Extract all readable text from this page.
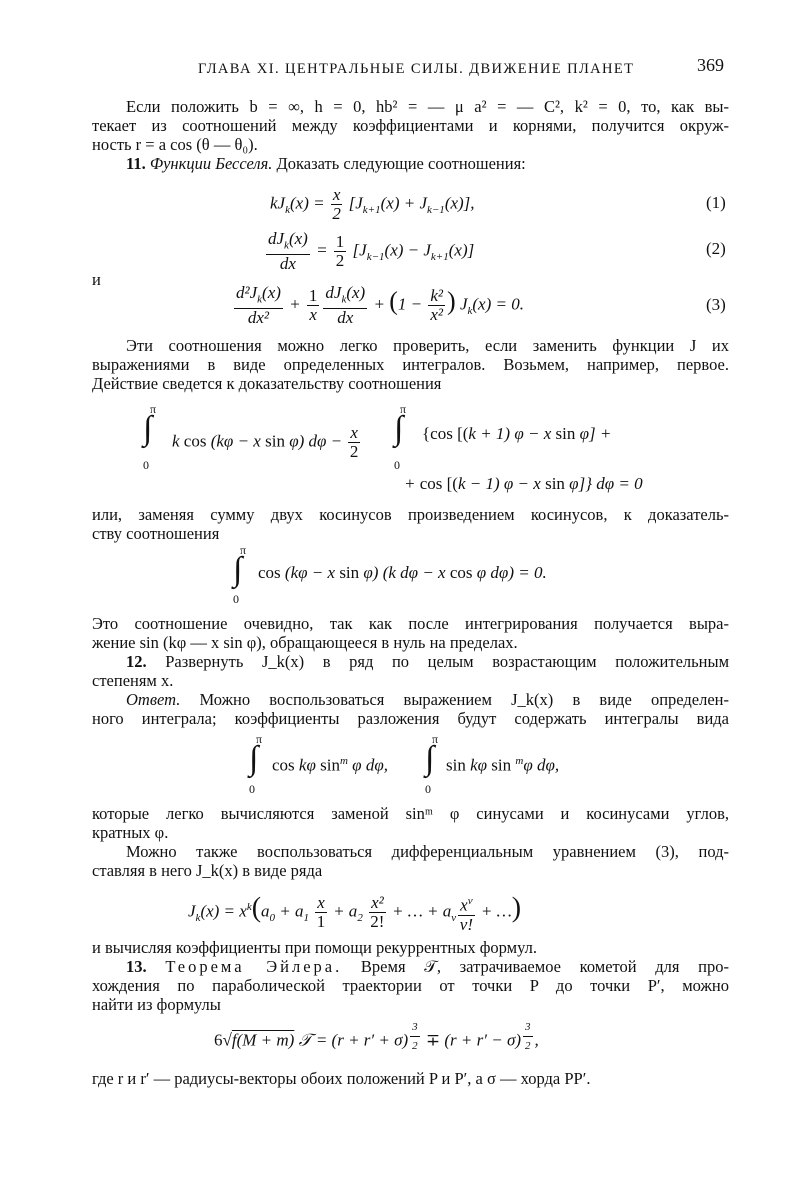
ГЛАВА XI. ЦЕНТРАЛЬНЫЕ СИЛЫ. ДВИЖЕНИЕ ПЛАНЕТ	369
Если положить b = ∞, h = 0, hb² = — μ a² = — C², k² = 0, то, как вы-
текает из соотношений между коэффициентами и корнями, получится окруж-
ность r = a cos (θ — θ₀).
11. Функции Бесселя. Доказать следующие соотношения:
$kJ_k(x) = \frac{x}{2} [J_{k+1}(x) + J_{k-1}(x)]$,	(1)
$\frac{dJ_k(x)}{dx} = \frac{1}{2} [J_{k-1}(x) - J_{k+1}(x)]$	(2)
и
$\frac{d^2J_k(x)}{\text{dx²}} + \frac{1}{x} \frac{dJ_k(x)}{dx} + (1 - \frac{\text{k²}}{\text{x²}}$ ) $J_k(x) = 0$.	(3)
Эти соотношения можно легко проверить, если заменить функции J их
выражениями в виде определенных интегралов. Возьмем, например, первое.
Действие сведется к доказательству соотношения
π
∫
0
k cos (kφ − x sin φ) $d\varphi - \frac{x}{2}$
π
∫
0
{cos [(k + 1) φ − x sin φ] +
+ cos [(k − 1) φ − x sin φ]} dφ = 0
или, заменяя сумму двух косинусов произведением косинусов, к доказатель-
ству соотношения
π
∫
0
cos (kφ − x sin φ) (k dφ − x cos φ dφ) = 0.
Это соотношение очевидно, так как после интегрирования получается выра-
жение sin (kφ — x sin φ), обращающееся в нуль на пределах.
12. Развернуть J_k(x) в ряд по целым возрастающим положительным
степеням x.
Ответ. Можно воспользоваться выражением J_k(x) в виде определен-
ного интеграла; коэффициенты разложения будут содержать интегралы вида
π
∫
0
cos kφ $\sin^m \varphi$ dφ,
π
∫
0
sin kφ sin $^m$φ dφ,
которые легко вычисляются заменой sinᵐ φ синусами и косинусами углов,
кратных φ.
Можно также воспользоваться дифференциальным уравнением (3), под-
ставляя в него J_k(x) в виде ряда
$J_k(x) = x^k(a_0 + a_1 \frac{x}{1} + a_2 \frac{\text{x²}}{2!}$ + … + $a_\nu \frac{x^\nu}{\nu!}$ + …)
и вычисляя коэффициенты при помощи рекуррентных формул.
13. Теорема Эйлера. Время 𝒯, затрачиваемое кометой для про-
хождения по параболической траектории от точки P до точки P′, можно
найти из формулы
6√f(M + m) 𝒯 = (r + r′ + σ) $^{\frac{3}{2}}$ ∓ (r + r′ − σ) $^{\frac{3}{2}}$ ,
где r и r′ — радиусы-векторы обоих положений P и P′, а σ — хорда PP′.
